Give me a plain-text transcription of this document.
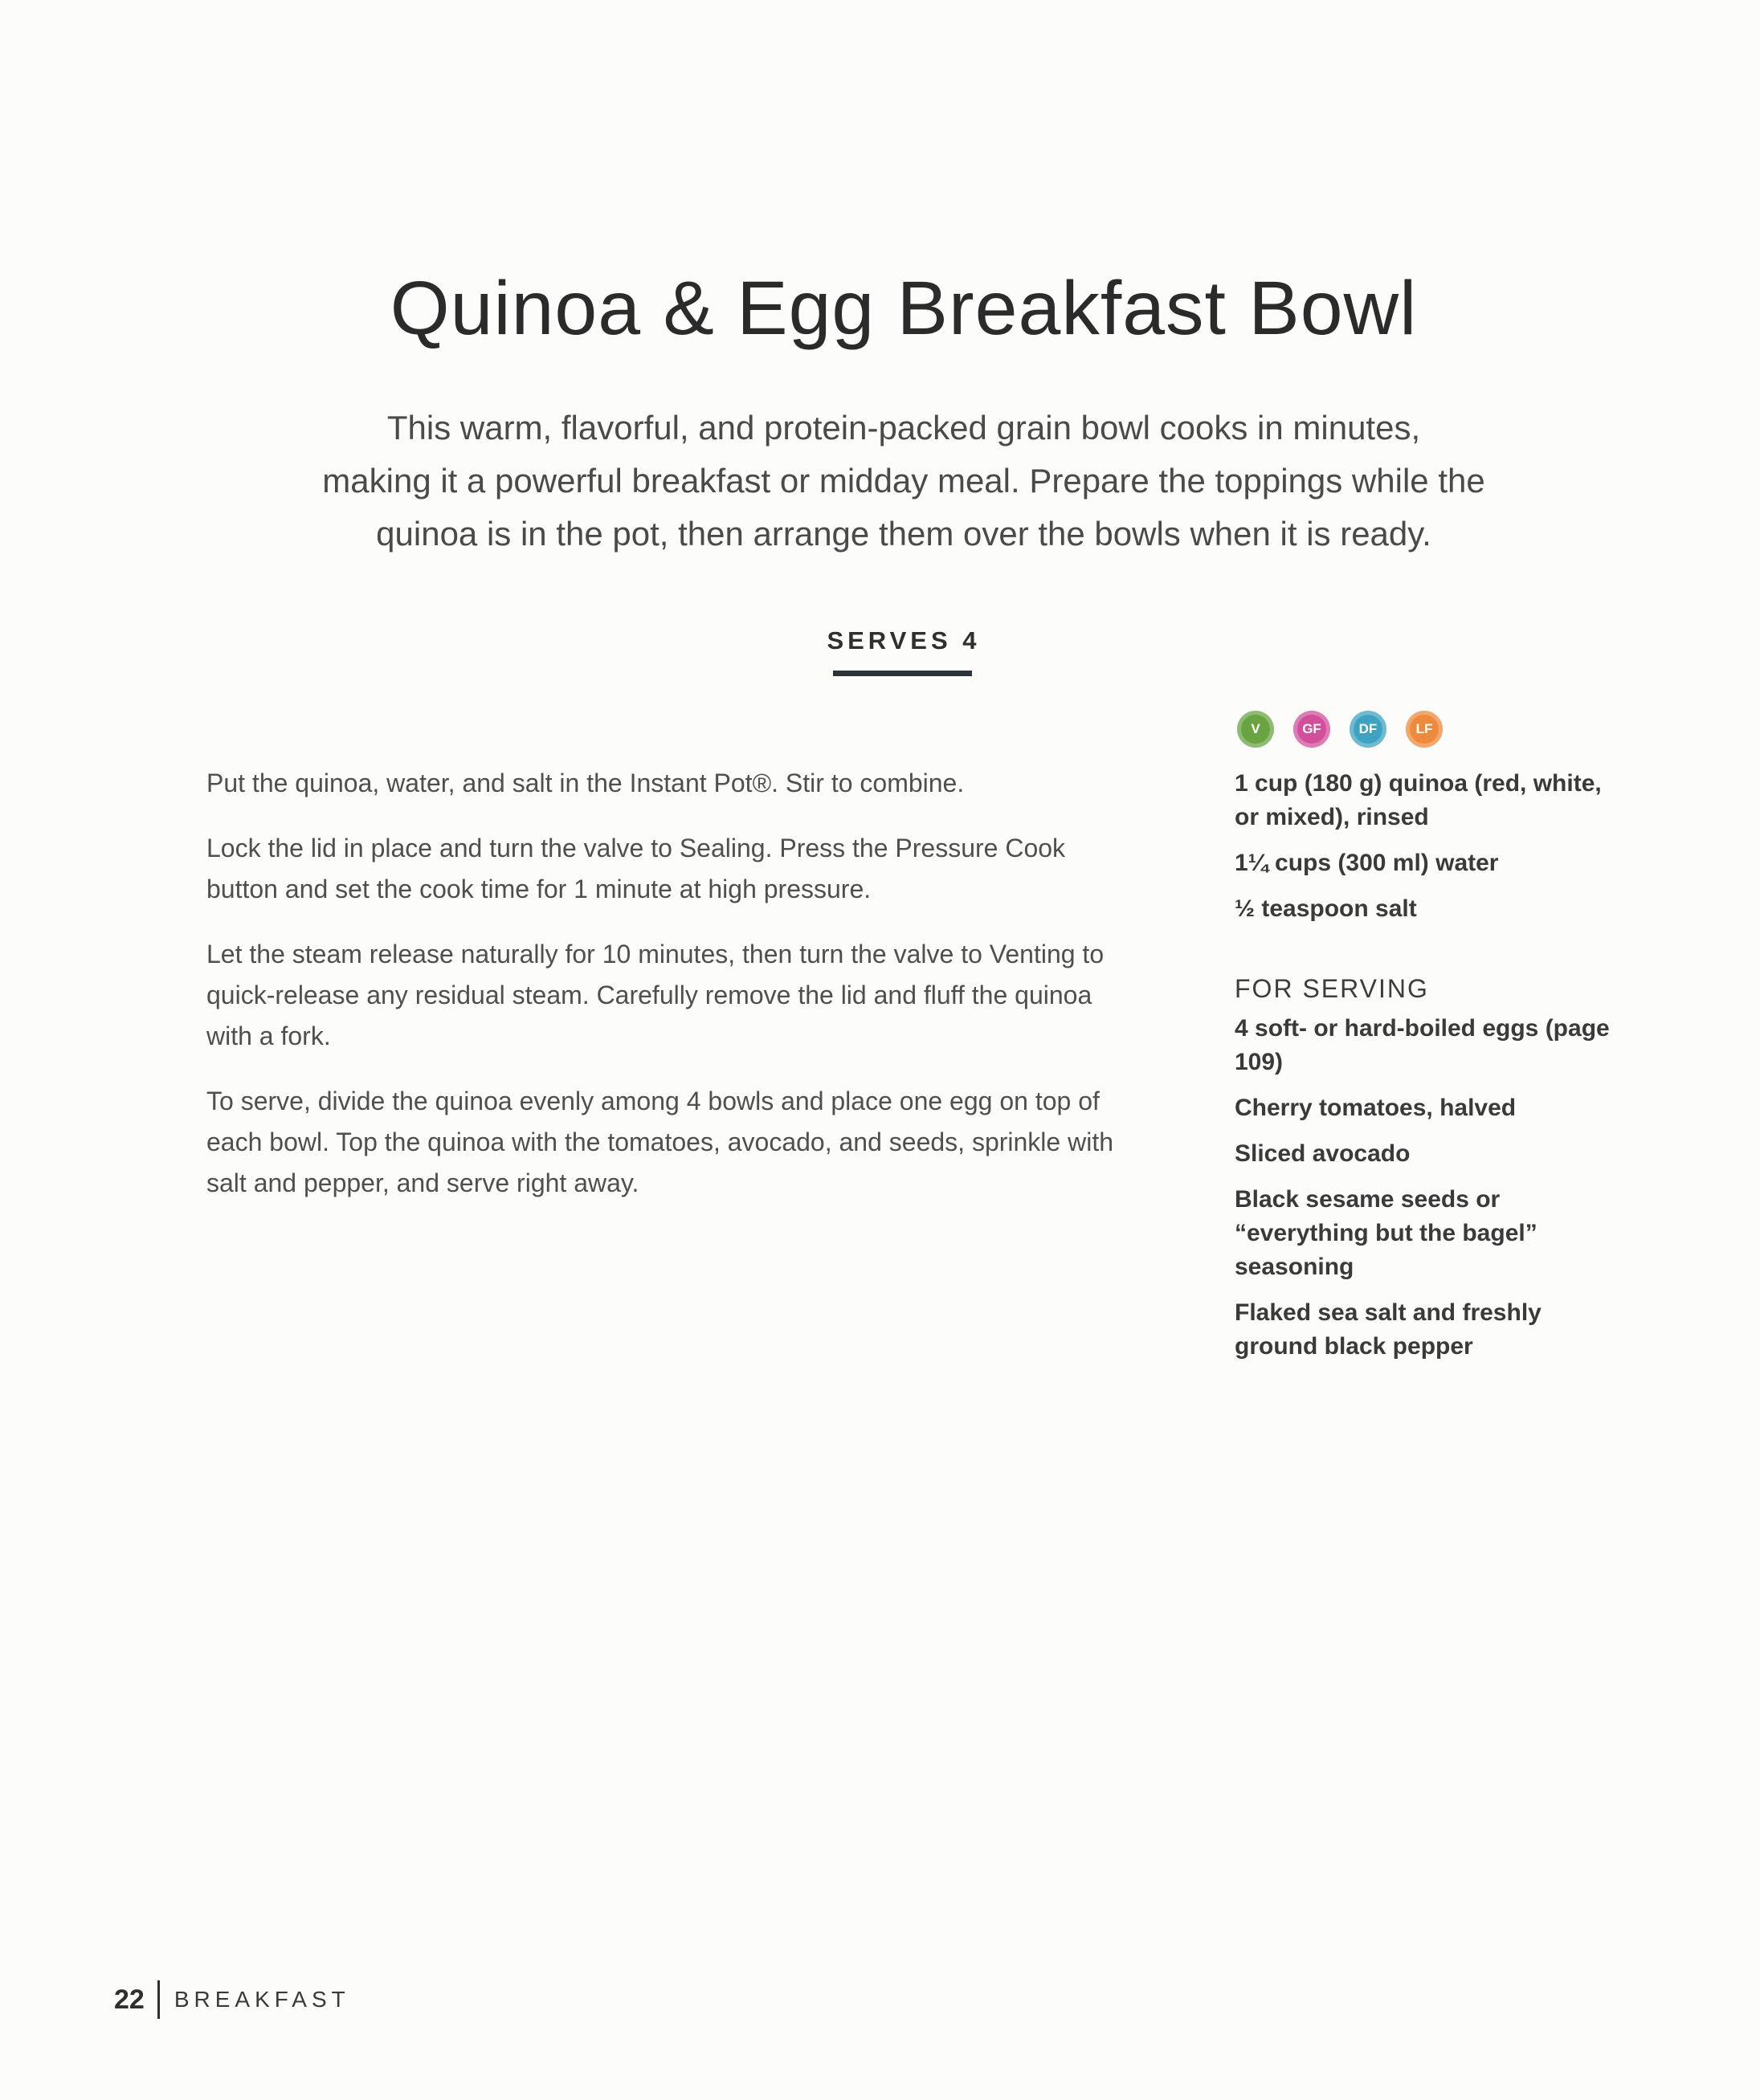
Quinoa & Egg Breakfast Bowl

This warm, flavorful, and protein-packed grain bowl cooks in minutes,
making it a powerful breakfast or midday meal. Prepare the toppings while the
quinoa is in the pot, then arrange them over the bowls when it is ready.

SERVES 4

Put the quinoa, water, and salt in the Instant Pot®. Stir to combine.

Lock the lid in place and turn the valve to Sealing. Press the Pressure Cook button and set the cook time for 1 minute at high pressure.

Let the steam release naturally for 10 minutes, then turn the valve to Venting to quick-release any residual steam. Carefully remove the lid and fluff the quinoa with a fork.

To serve, divide the quinoa evenly among 4 bowls and place one egg on top of each bowl. Top the quinoa with the tomatoes, avocado, and seeds, sprinkle with salt and pepper, and serve right away.

V	GF	DF	LF

1 cup (180 g) quinoa (red, white, or mixed), rinsed

1¼ cups (300 ml) water

½ teaspoon salt

FOR SERVING

4 soft- or hard-boiled eggs (page 109)

Cherry tomatoes, halved

Sliced avocado

Black sesame seeds or “everything but the bagel” seasoning

Flaked sea salt and freshly ground black pepper

22 BREAKFAST
